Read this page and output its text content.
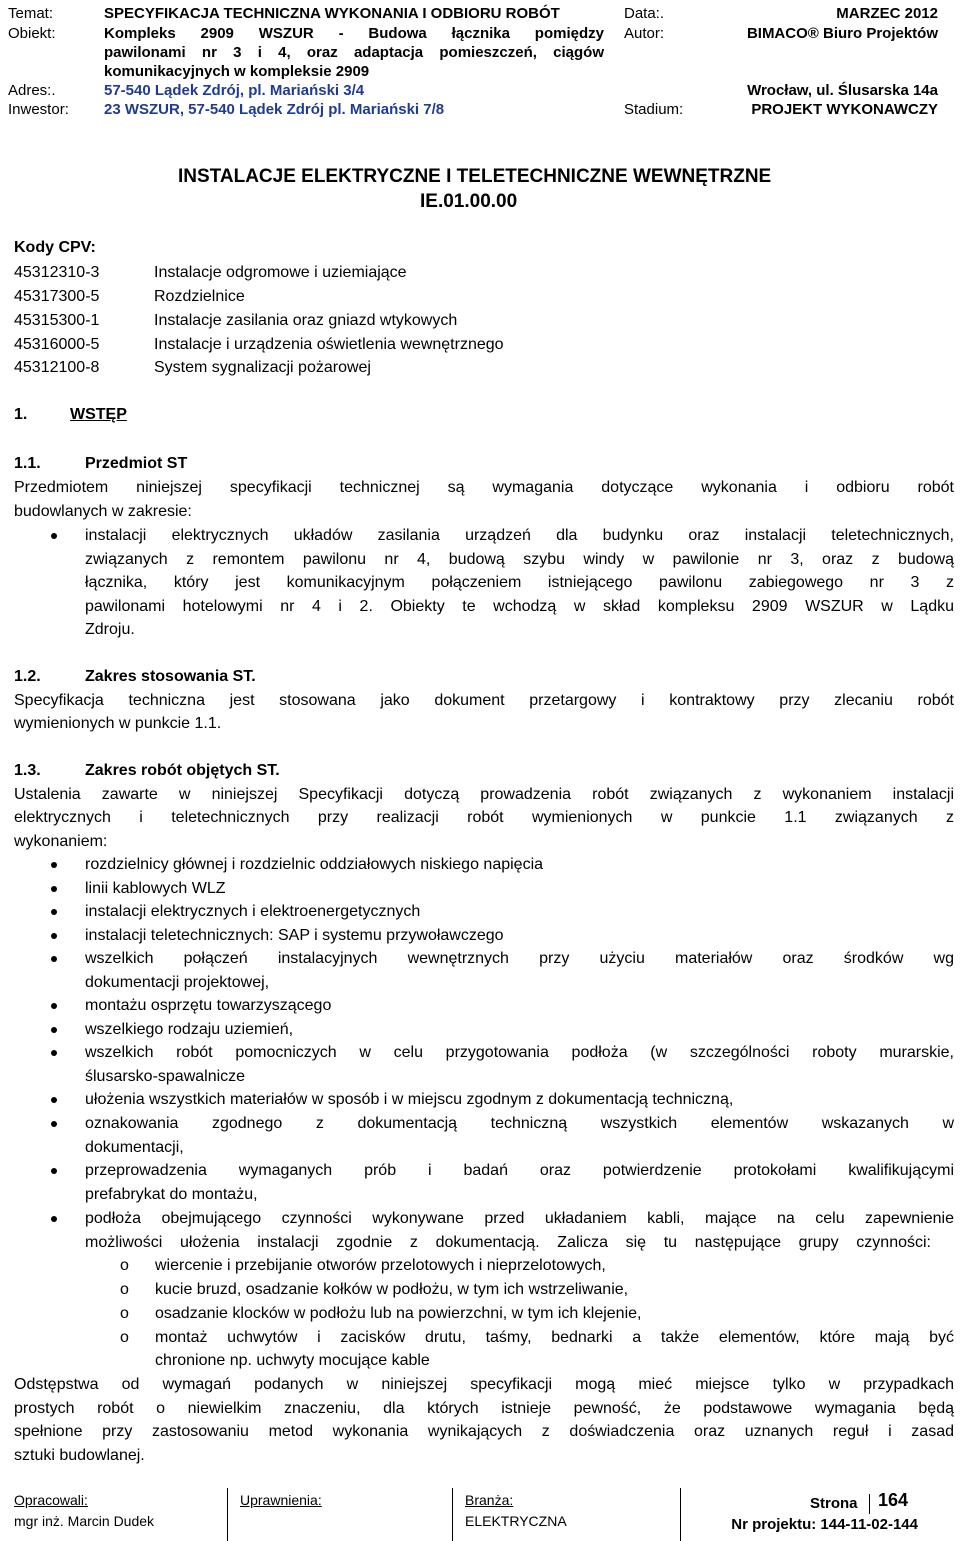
Temat:	SPECYFIKACJA TECHNICZNA WYKONANIA I ODBIORU ROBÓT
Obiekt:	Kompleks 2909 WSZUR - Budowa łącznika pomiędzy
pawilonami nr 3 i 4, oraz adaptacja pomieszczeń, ciągów
komunikacyjnych w kompleksie 2909
Adres:.	57-540 Lądek Zdrój, pl. Mariański 3/4
Inwestor: 23 WSZUR, 57-540 Lądek Zdrój pl. Mariański 7/8
Data:.	MARZEC 2012
Autor:	BIMACO® Biuro Projektów
Wrocław, ul. Ślusarska 14a
Stadium:	PROJEKT WYKONAWCZY
INSTALACJE ELEKTRYCZNE I TELETECHNICZNE WEWNĘTRZNE
IE.01.00.00
Kody CPV:
45312310-3	Instalacje odgromowe i uziemiające
45317300-5	Rozdzielnice
45315300-1	Instalacje zasilania oraz gniazd wtykowych
45316000-5	Instalacje i urządzenia oświetlenia wewnętrznego
45312100-8	System sygnalizacji pożarowej
1.	WSTĘP
1.1.	Przedmiot ST
Przedmiotem niniejszej specyfikacji technicznej są wymagania dotyczące wykonania i odbioru robót
budowlanych w zakresie:
instalacji elektrycznych układów zasilania urządzeń dla budynku oraz instalacji teletechnicznych,
związanych z remontem pawilonu nr 4, budową szybu windy w pawilonie nr 3, oraz z budową
łącznika, który jest komunikacyjnym połączeniem istniejącego pawilonu zabiegowego nr 3 z
pawilonami hotelowymi nr 4 i 2. Obiekty te wchodzą w skład kompleksu 2909 WSZUR w Lądku
Zdroju.
1.2.	Zakres stosowania ST.
Specyfikacja techniczna jest stosowana jako dokument przetargowy i kontraktowy przy zlecaniu robót
wymienionych w punkcie 1.1.
1.3.	Zakres robót objętych ST.
Ustalenia zawarte w niniejszej Specyfikacji dotyczą prowadzenia robót związanych z wykonaniem instalacji
elektrycznych i teletechnicznych przy realizacji robót wymienionych w punkcie 1.1 związanych z
wykonaniem:
rozdzielnicy głównej i rozdzielnic oddziałowych niskiego napięcia
linii kablowych WLZ
instalacji elektrycznych i elektroenergetycznych
instalacji teletechnicznych: SAP i systemu przywoławczego
wszelkich połączeń instalacyjnych wewnętrznych przy użyciu materiałów oraz środków wg
dokumentacji projektowej,
montażu osprzętu towarzyszącego
wszelkiego rodzaju uziemień,
wszelkich robót pomocniczych w celu przygotowania podłoża (w szczególności roboty murarskie,
ślusarsko-spawalnicze
ułożenia wszystkich materiałów w sposób i w miejscu zgodnym z dokumentacją techniczną,
oznakowania zgodnego z dokumentacją techniczną wszystkich elementów wskazanych w
dokumentacji,
przeprowadzenia wymaganych prób i badań oraz potwierdzenie protokołami kwalifikującymi
prefabrykat do montażu,
podłoża obejmującego czynności wykonywane przed układaniem kabli, mające na celu zapewnienie
możliwości ułożenia instalacji zgodnie z dokumentacją. Zalicza się tu następujące grupy czynności:
o wiercenie i przebijanie otworów przelotowych i nieprzelotowych,
o kucie bruzd, osadzanie kołków w podłożu, w tym ich wstrzeliwanie,
o osadzanie klocków w podłożu lub na powierzchni, w tym ich klejenie,
o montaż uchwytów i zacisków drutu, taśmy, bednarki a także elementów, które mają być
chronione np. uchwyty mocujące kable
Odstępstwa od wymagań podanych w niniejszej specyfikacji mogą mieć miejsce tylko w przypadkach
prostych robót o niewielkim znaczeniu, dla których istnieje pewność, że podstawowe wymagania będą
spełnione przy zastosowaniu metod wykonania wynikających z doświadczenia oraz uznanych reguł i zasad
sztuki budowlanej.
Opracowali:
mgr inż. Marcin Dudek
Uprawnienia:	Branża:
ELEKTRYCZNA
Strona 164
Nr projektu: 144-11-02-144
